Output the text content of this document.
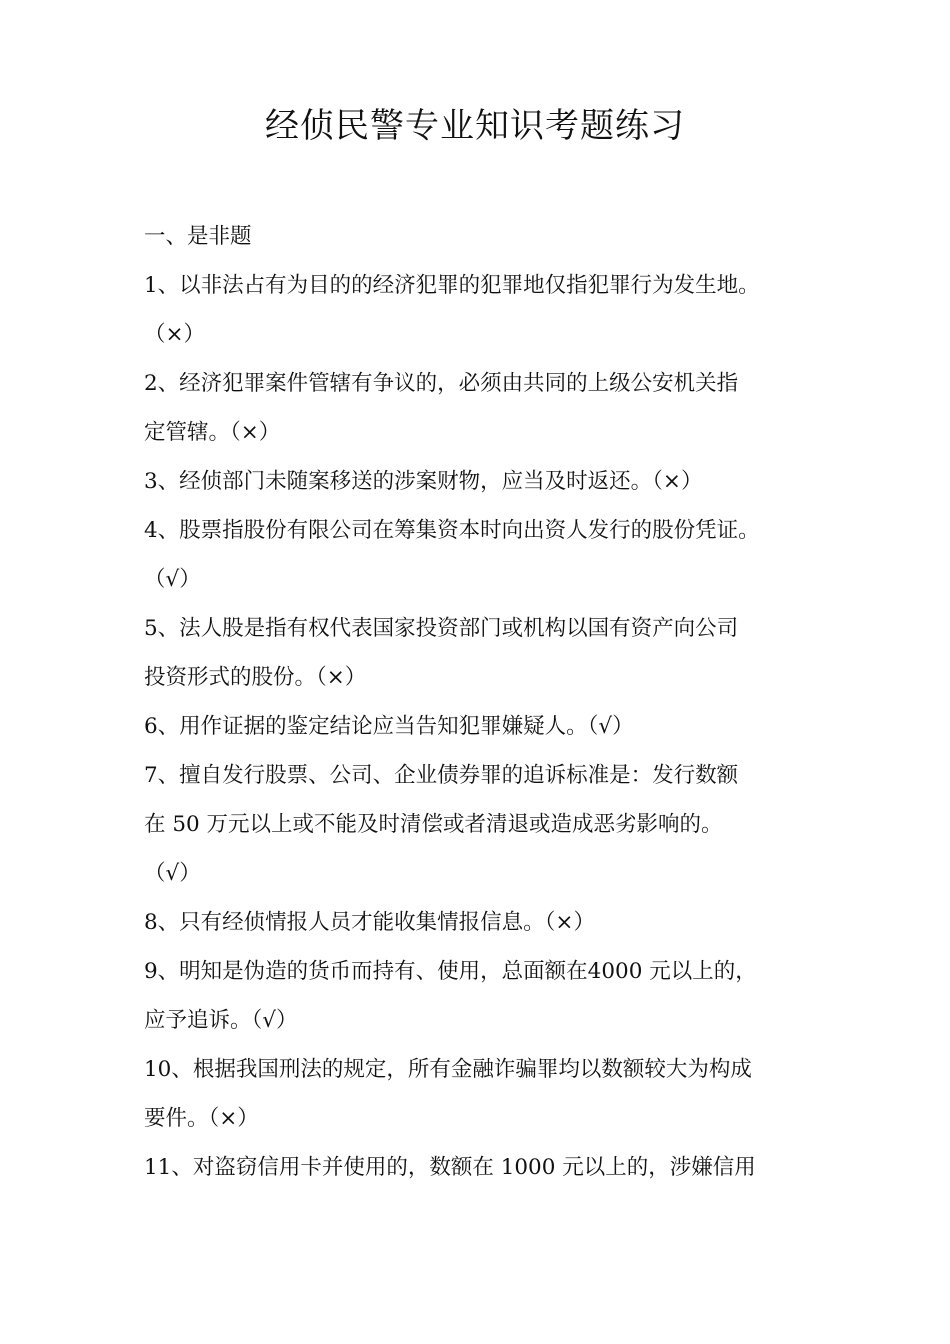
经侦民警专业知识考题练习

一、是非题

1、以非法占有为目的的经济犯罪的犯罪地仅指犯罪行为发生地。
（×）
2、经济犯罪案件管辖有争议的，必须由共同的上级公安机关指
定管辖。（×）
3、经侦部门未随案移送的涉案财物，应当及时返还。（×）
4、股票指股份有限公司在筹集资本时向出资人发行的股份凭证。
（√）
5、法人股是指有权代表国家投资部门或机构以国有资产向公司
投资形式的股份。（×）
6、用作证据的鉴定结论应当告知犯罪嫌疑人。（√）
7、擅自发行股票、公司、企业债券罪的追诉标准是：发行数额
在 50 万元以上或不能及时清偿或者清退或造成恶劣影响的。
（√）
8、只有经侦情报人员才能收集情报信息。（×）
9、明知是伪造的货币而持有、使用，总面额在4000 元以上的，
应予追诉。（√）
10、根据我国刑法的规定，所有金融诈骗罪均以数额较大为构成
要件。（×）
11、对盗窃信用卡并使用的，数额在 1000 元以上的，涉嫌信用
